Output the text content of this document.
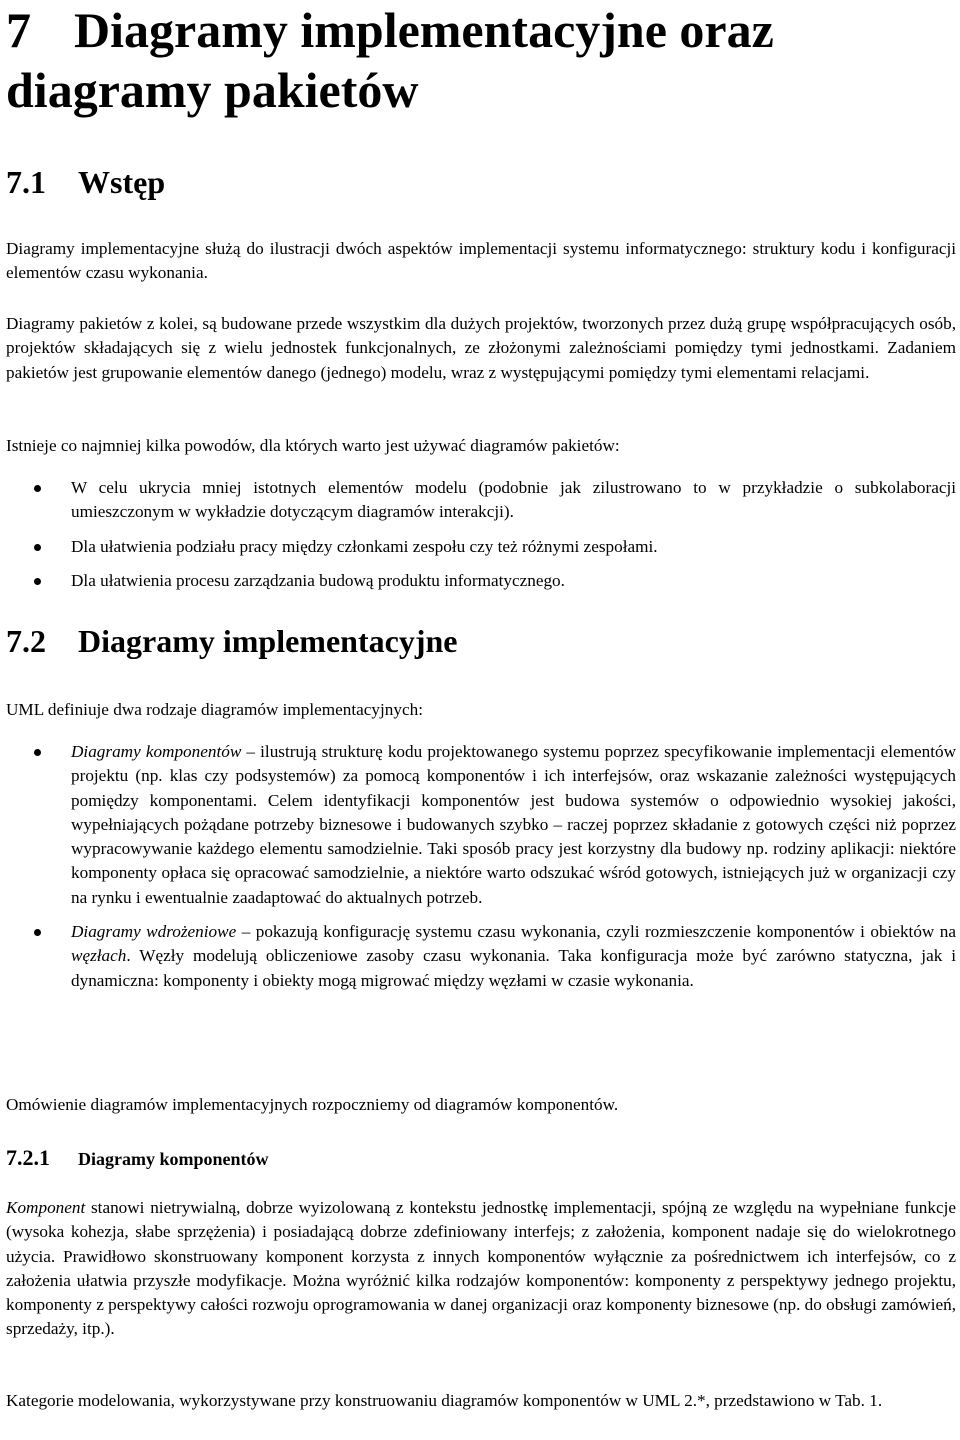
7 Diagramy implementacyjne oraz
diagramy pakietów
7.1 Wstęp

Diagramy implementacyjne służą do ilustracji dwóch aspektów implementacji systemu informatycznego: struktury kodu i konfiguracji elementów czasu wykonania.

Diagramy pakietów z kolei, są budowane przede wszystkim dla dużych projektów, tworzonych przez dużą grupę współpracujących osób, projektów składających się z wielu jednostek funkcjonalnych, ze złożonymi zależnościami pomiędzy tymi jednostkami. Zadaniem pakietów jest grupowanie elementów danego (jednego) modelu, wraz z występującymi pomiędzy tymi elementami relacjami.

Istnieje co najmniej kilka powodów, dla których warto jest używać diagramów pakietów:

W celu ukrycia mniej istotnych elementów modelu (podobnie jak zilustrowano to w przykładzie o subkolaboracji umieszczonym w wykładzie dotyczącym diagramów interakcji).
Dla ułatwienia podziału pracy między członkami zespołu czy też różnymi zespołami.
Dla ułatwienia procesu zarządzania budową produktu informatycznego.
7.2 Diagramy implementacyjne

UML definiuje dwa rodzaje diagramów implementacyjnych:

Diagramy komponentów – ilustrują strukturę kodu projektowanego systemu poprzez specyfikowanie implementacji elementów projektu (np. klas czy podsystemów) za pomocą komponentów i ich interfejsów, oraz wskazanie zależności występujących pomiędzy komponentami. Celem identyfikacji komponentów jest budowa systemów o odpowiednio wysokiej jakości, wypełniających pożądane potrzeby biznesowe i budowanych szybko – raczej poprzez składanie z gotowych części niż poprzez wypracowywanie każdego elementu samodzielnie. Taki sposób pracy jest korzystny dla budowy np. rodziny aplikacji: niektóre komponenty opłaca się opracować samodzielnie, a niektóre warto odszukać wśród gotowych, istniejących już w organizacji czy na rynku i ewentualnie zaadaptować do aktualnych potrzeb.
Diagramy wdrożeniowe – pokazują konfigurację systemu czasu wykonania, czyli rozmieszczenie komponentów i obiektów na węzłach. Węzły modelują obliczeniowe zasoby czasu wykonania. Taka konfiguracja może być zarówno statyczna, jak i dynamiczna: komponenty i obiekty mogą migrować między węzłami w czasie wykonania.

Omówienie diagramów implementacyjnych rozpoczniemy od diagramów komponentów.

7.2.1 Diagramy komponentów

Komponent stanowi nietrywialną, dobrze wyizolowaną z kontekstu jednostkę implementacji, spójną ze względu na wypełniane funkcje (wysoka kohezja, słabe sprzężenia) i posiadającą dobrze zdefiniowany interfejs; z założenia, komponent nadaje się do wielokrotnego użycia. Prawidłowo skonstruowany komponent korzysta z innych komponentów wyłącznie za pośrednictwem ich interfejsów, co z założenia ułatwia przyszłe modyfikacje. Można wyróżnić kilka rodzajów komponentów: komponenty z perspektywy jednego projektu, komponenty z perspektywy całości rozwoju oprogramowania w danej organizacji oraz komponenty biznesowe (np. do obsługi zamówień, sprzedaży, itp.).

Kategorie modelowania, wykorzystywane przy konstruowaniu diagramów komponentów w UML 2.*, przedstawiono w Tab. 1.
